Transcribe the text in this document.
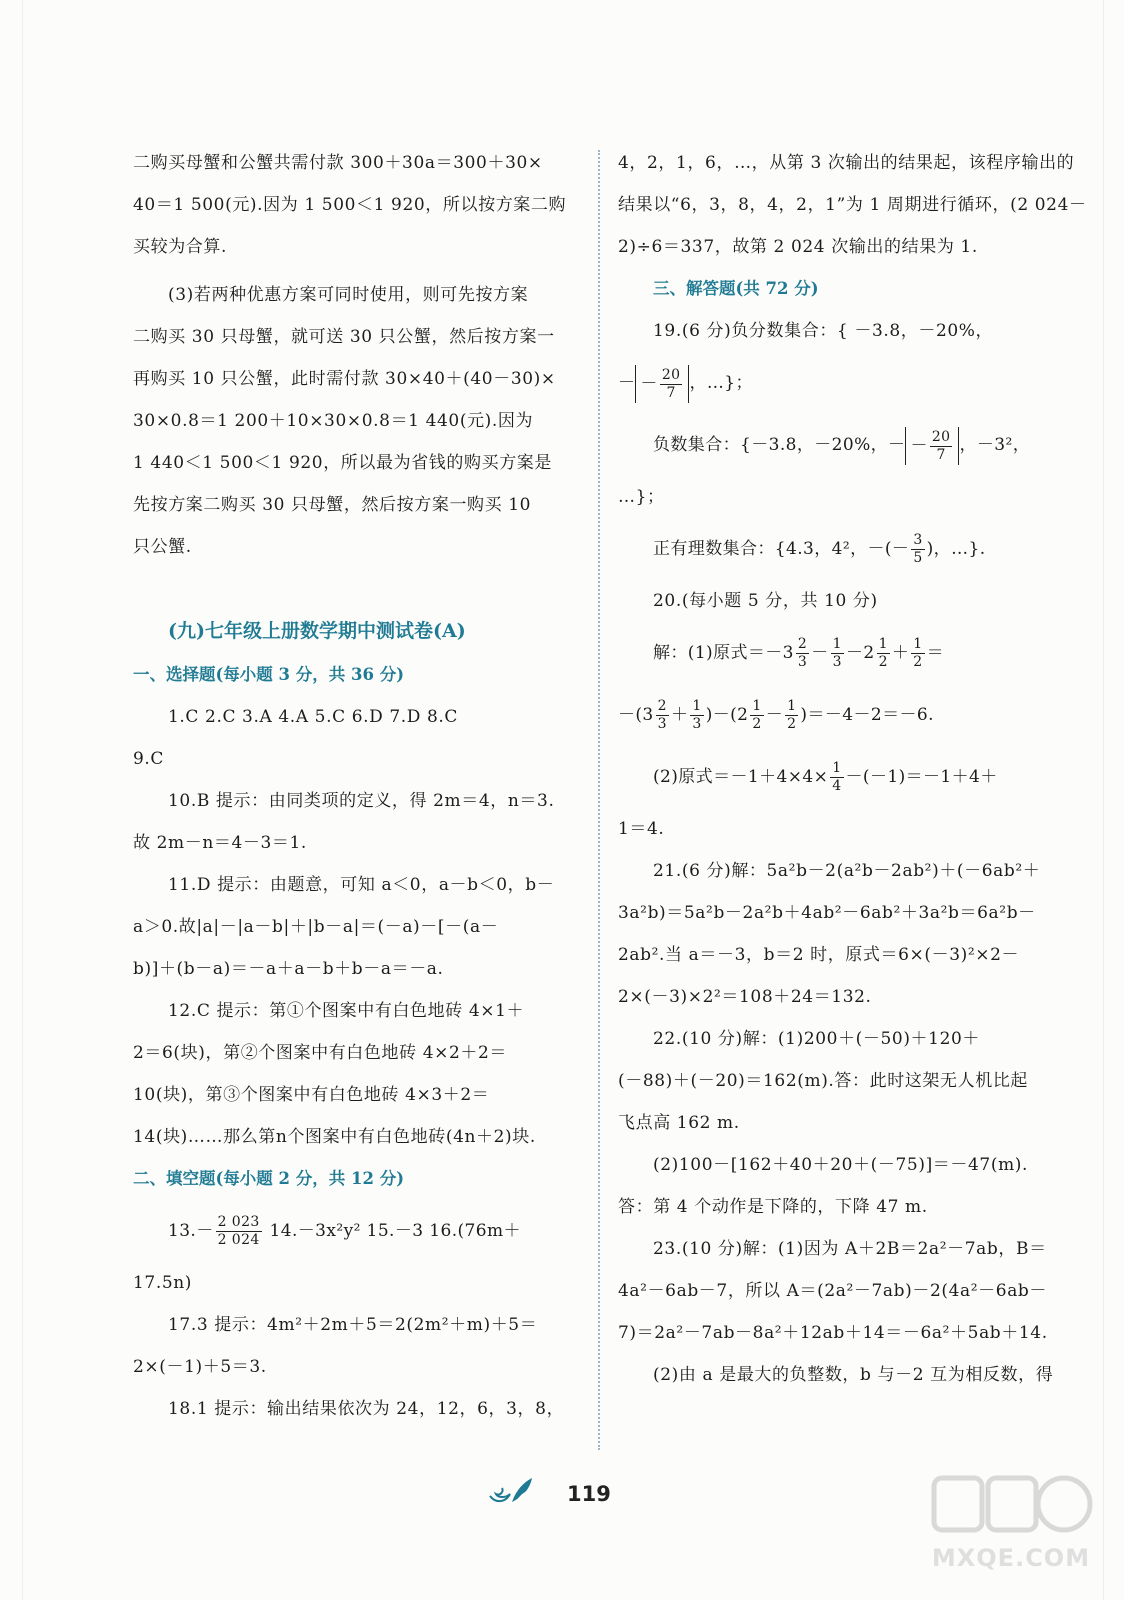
二购买母蟹和公蟹共需付款 300＋30a＝300＋30×
40＝1 500(元).因为 1 500＜1 920，所以按方案二购
买较为合算.
(3)若两种优惠方案可同时使用，则可先按方案
二购买 30 只母蟹，就可送 30 只公蟹，然后按方案一
再购买 10 只公蟹，此时需付款 30×40＋(40－30)×
30×0.8＝1 200＋10×30×0.8＝1 440(元).因为
1 440＜1 500＜1 920，所以最为省钱的购买方案是
先按方案二购买 30 只母蟹，然后按方案一购买 10
只公蟹.
(九)七年级上册数学期中测试卷(A)
一、选择题(每小题 3 分，共 36 分)
1.C 2.C 3.A 4.A 5.C 6.D 7.D 8.C
9.C
10.B 提示：由同类项的定义，得 2m＝4，n＝3.
故 2m－n＝4－3＝1.
11.D 提示：由题意，可知 a＜0，a－b＜0，b－
a＞0.故|a|－|a－b|＋|b－a|＝(－a)－[－(a－
b)]＋(b－a)＝－a＋a－b＋b－a＝－a.
12.C 提示：第①个图案中有白色地砖 4×1＋
2＝6(块)，第②个图案中有白色地砖 4×2＋2＝
10(块)，第③个图案中有白色地砖 4×3＋2＝
14(块)……那么第n个图案中有白色地砖(4n＋2)块.
二、填空题(每小题 2 分，共 12 分)
$13.- \frac{2 023}{2 024} 14.-3x^2y^2$ 15.－3 16.(76m＋
17.5n)
17.3 提示：4m²＋2m＋5＝2(2m²＋m)＋5＝
2×(－1)＋5＝3.
18.1 提示：输出结果依次为 24，12，6，3，8，
4，2，1，6，…，从第 3 次输出的结果起，该程序输出的
结果以“6，3，8，4，2，1”为 1 周期进行循环，(2 024－
2)÷6＝337，故第 2 024 次输出的结果为 1.
三、解答题(共 72 分)
19.(6 分)负分数集合：{ －3.8，－20%，
－ － $\frac{20}{7}$ ，…}；
负数集合：{－3.8，－20%，－ － $\frac{20}{7}$ ，－3²，
…}；
正有理数集合：{4.3，4²，－(－ $\frac{3}{5}$ )，…}.
20.(每小题 5 分，共 10 分)
解：(1)原式$=-3 \frac{2}{3} - \frac{1}{3} -2 \frac{1}{2} + \frac{1}{2}$ ＝
$-(3 \frac{2}{3} + \frac{1}{3} )-(2 \frac{1}{2} - \frac{1}{2} )=-4-2=-6$.
(2)原式$=-1+4\times 4\times \frac{1}{4} -(-1)=-1+4+$
1＝4.
21.(6 分)解：5a²b－2(a²b－2ab²)＋(－6ab²＋
3a²b)＝5a²b－2a²b＋4ab²－6ab²＋3a²b＝6a²b－
2ab².当 a＝－3，b＝2 时，原式＝6×(－3)²×2－
2×(－3)×2²＝108＋24＝132.
22.(10 分)解：(1)200＋(－50)＋120＋
(－88)＋(－20)＝162(m).答：此时这架无人机比起
飞点高 162 m.
(2)100－[162＋40＋20＋(－75)]＝－47(m).
答：第 4 个动作是下降的，下降 47 m.
23.(10 分)解：(1)因为 A＋2B＝2a²－7ab，B＝
4a²－6ab－7，所以 A＝(2a²－7ab)－2(4a²－6ab－
7)＝2a²－7ab－8a²＋12ab＋14＝－6a²＋5ab＋14.
(2)由 a 是最大的负整数，b 与－2 互为相反数，得
119
MXQE.COM
